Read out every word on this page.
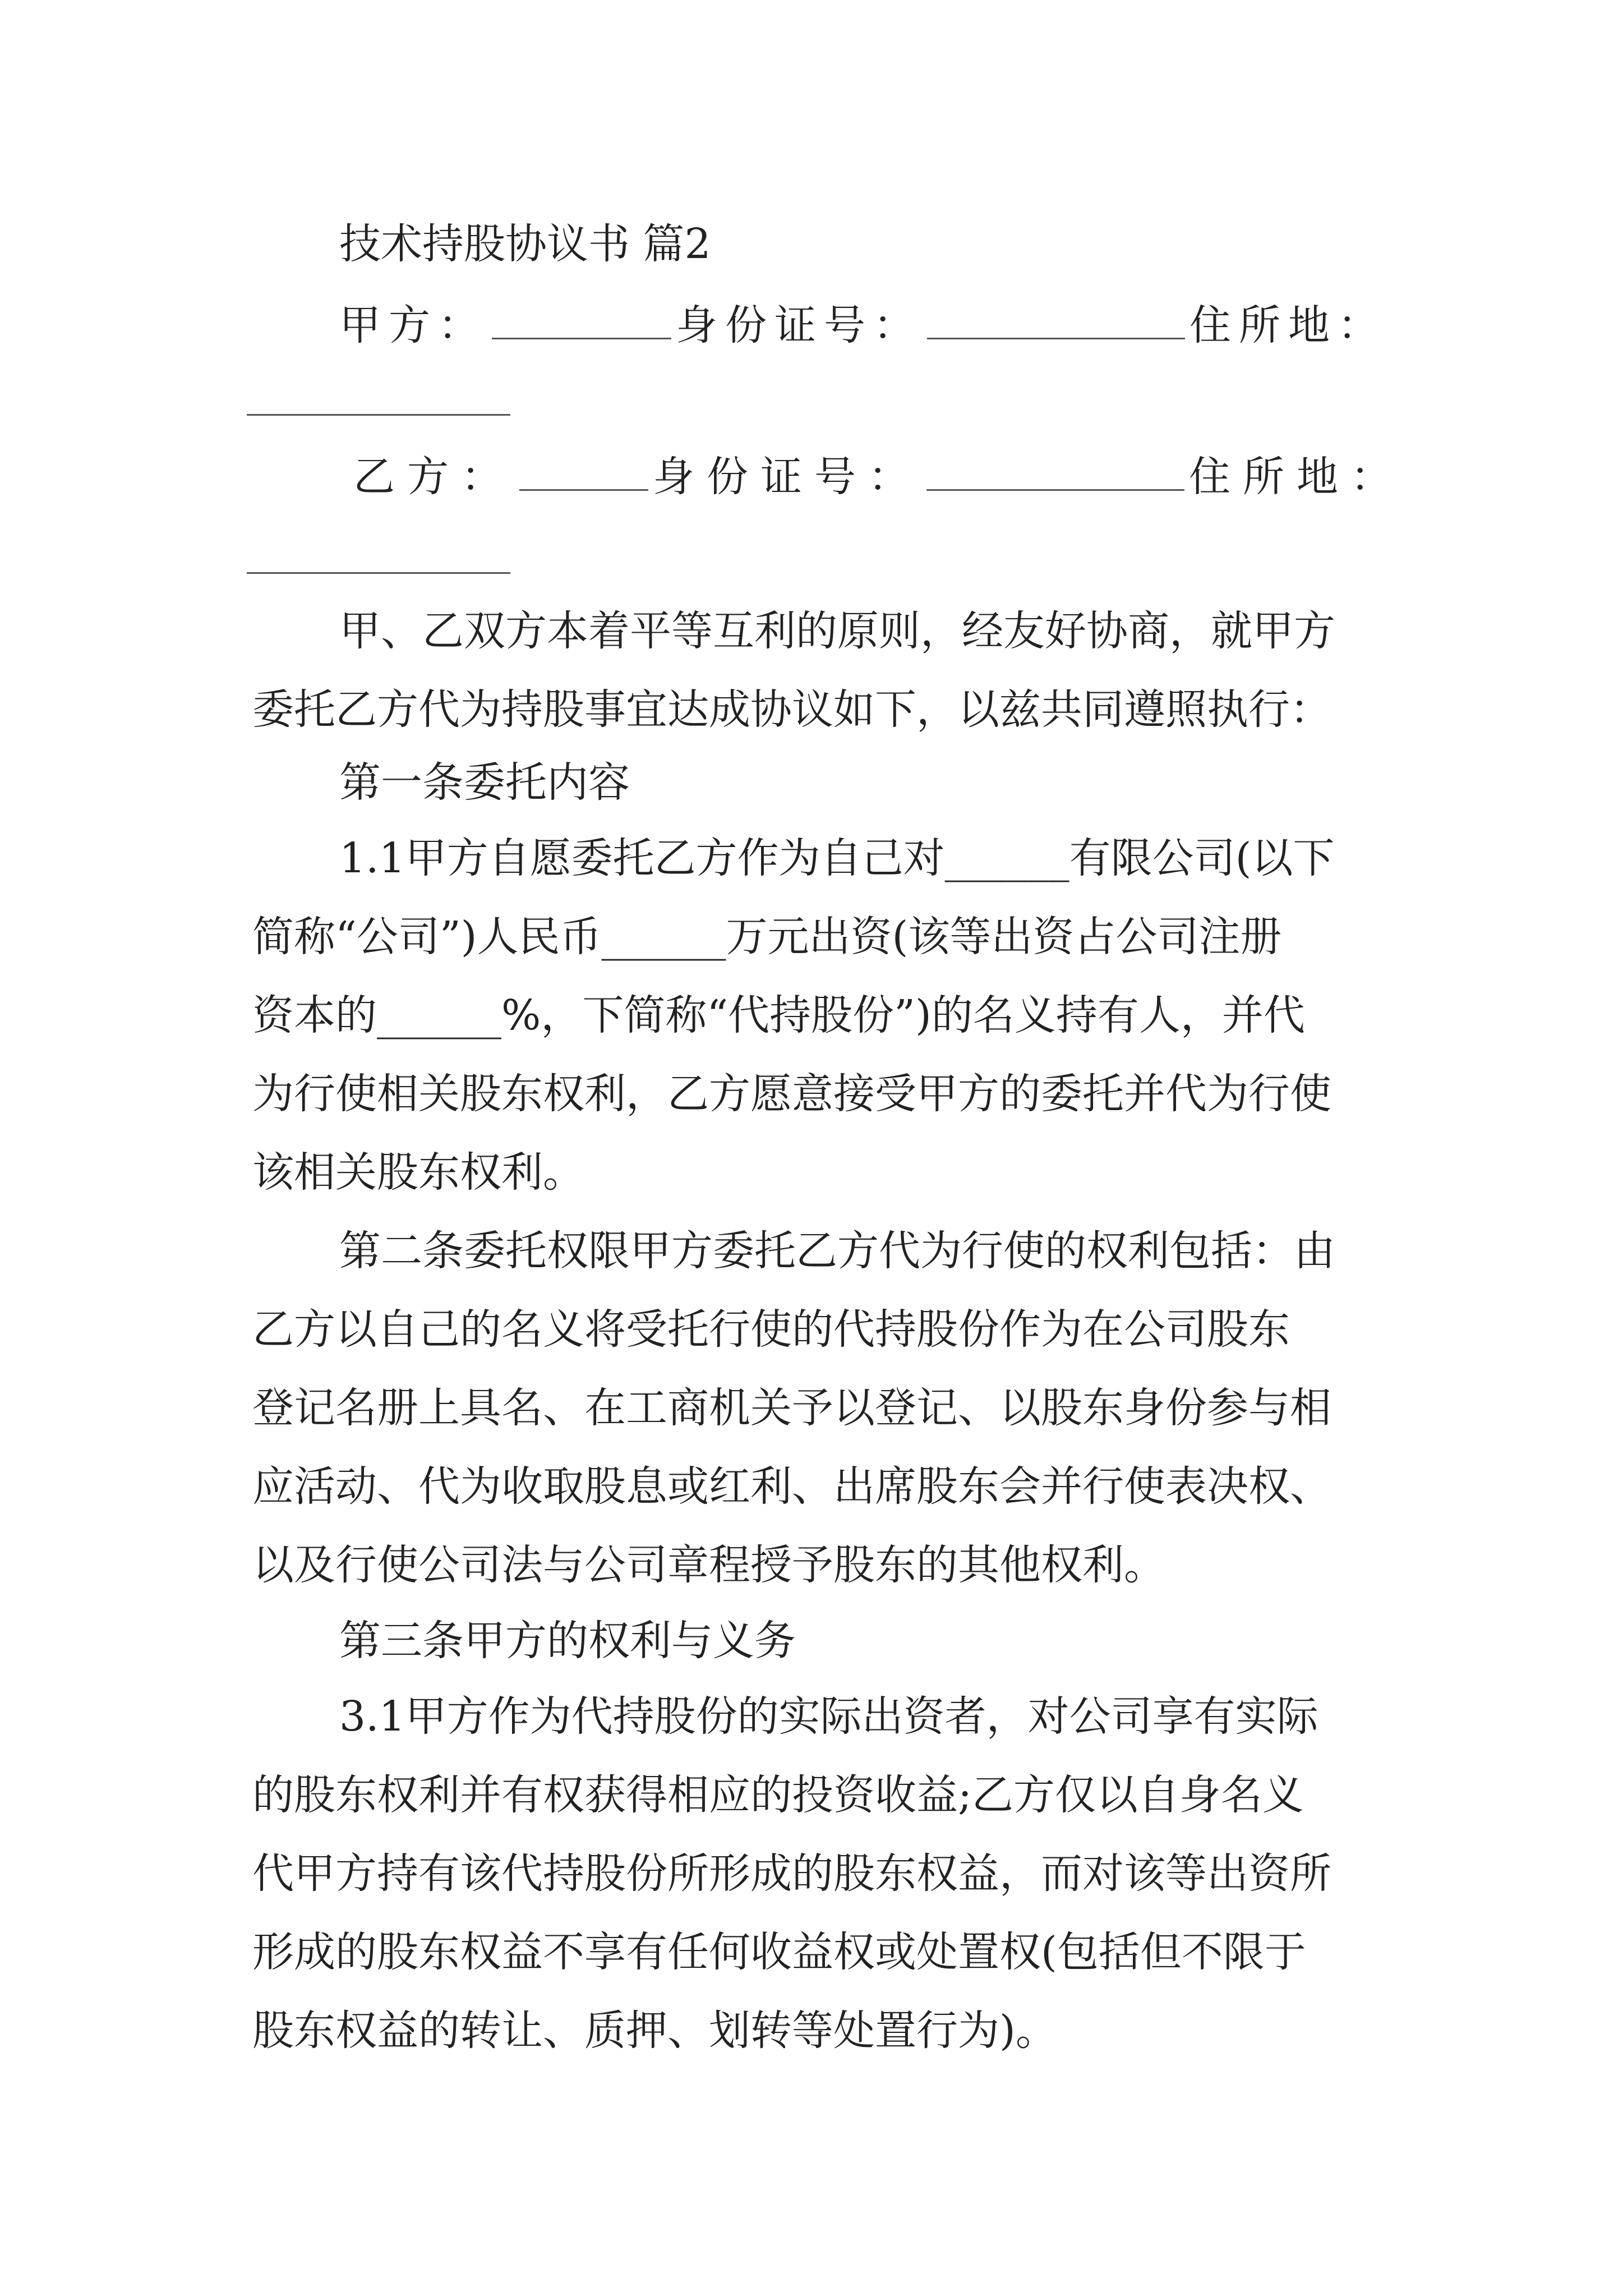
技术持股协议书 篇2
甲方：	身份证号：	住所地：
乙方：	身份证号：	住所地：
甲、乙双方本着平等互利的原则，经友好协商，就甲方
委托乙方代为持股事宜达成协议如下，以兹共同遵照执行：
第一条委托内容
1.1甲方自愿委托乙方作为自己对______有限公司(以下
简称“公司”)人民币______万元出资(该等出资占公司注册
资本的______%，下简称“代持股份”)的名义持有人，并代
为行使相关股东权利，乙方愿意接受甲方的委托并代为行使
该相关股东权利。
第二条委托权限甲方委托乙方代为行使的权利包括：由
乙方以自己的名义将受托行使的代持股份作为在公司股东
登记名册上具名、在工商机关予以登记、以股东身份参与相
应活动、代为收取股息或红利、出席股东会并行使表决权、
以及行使公司法与公司章程授予股东的其他权利。
第三条甲方的权利与义务
3.1甲方作为代持股份的实际出资者，对公司享有实际
的股东权利并有权获得相应的投资收益;乙方仅以自身名义
代甲方持有该代持股份所形成的股东权益，而对该等出资所
形成的股东权益不享有任何收益权或处置权(包括但不限于
股东权益的转让、质押、划转等处置行为)。
